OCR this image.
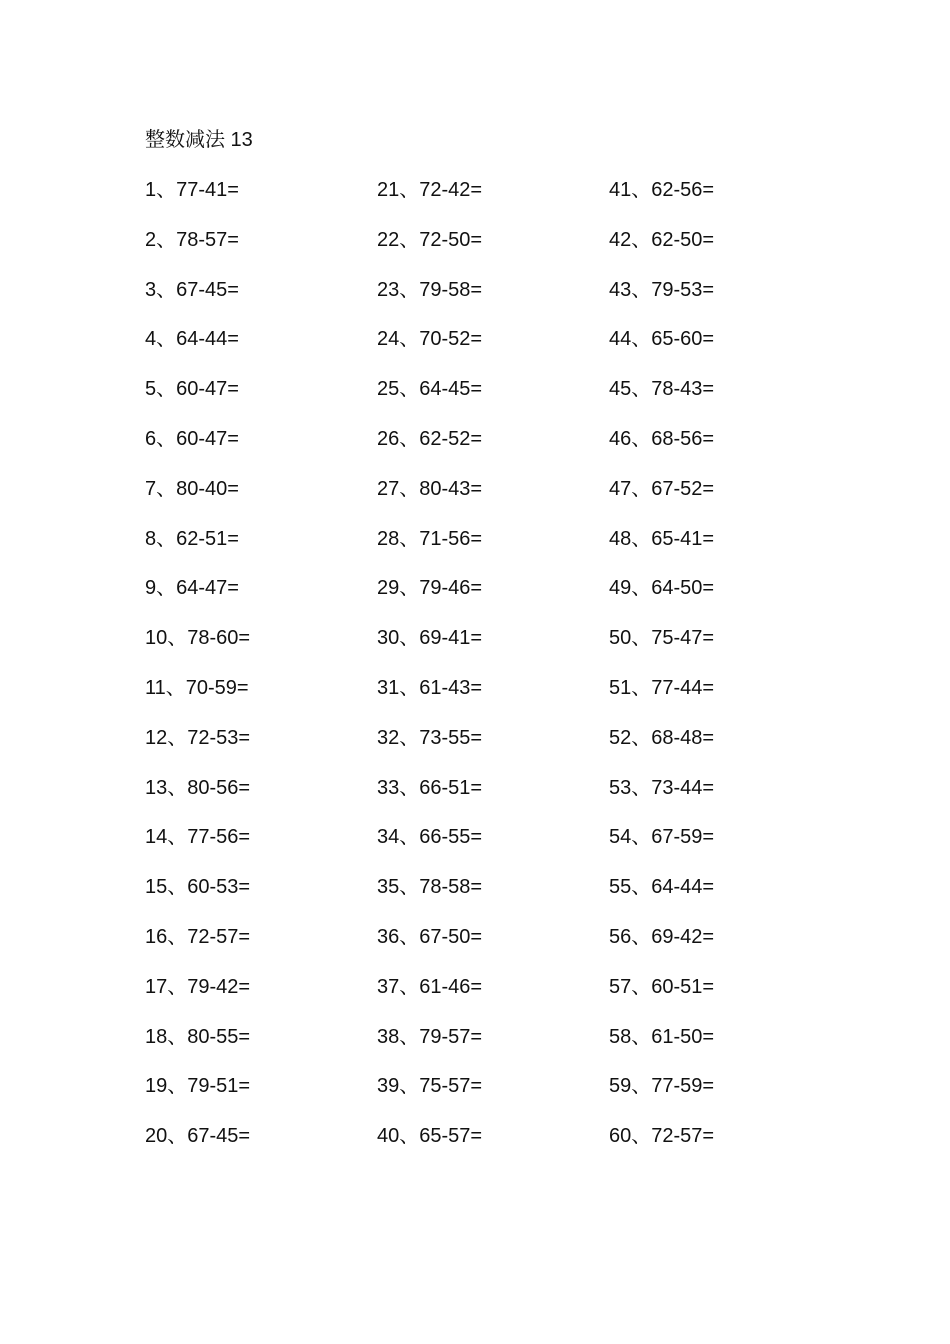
整数减法 13
1、77-41=
2、78-57=
3、67-45=
4、64-44=
5、60-47=
6、60-47=
7、80-40=
8、62-51=
9、64-47=
10、78-60=
11、70-59=
12、72-53=
13、80-56=
14、77-56=
15、60-53=
16、72-57=
17、79-42=
18、80-55=
19、79-51=
20、67-45=
21、72-42=
22、72-50=
23、79-58=
24、70-52=
25、64-45=
26、62-52=
27、80-43=
28、71-56=
29、79-46=
30、69-41=
31、61-43=
32、73-55=
33、66-51=
34、66-55=
35、78-58=
36、67-50=
37、61-46=
38、79-57=
39、75-57=
40、65-57=
41、62-56=
42、62-50=
43、79-53=
44、65-60=
45、78-43=
46、68-56=
47、67-52=
48、65-41=
49、64-50=
50、75-47=
51、77-44=
52、68-48=
53、73-44=
54、67-59=
55、64-44=
56、69-42=
57、60-51=
58、61-50=
59、77-59=
60、72-57=
